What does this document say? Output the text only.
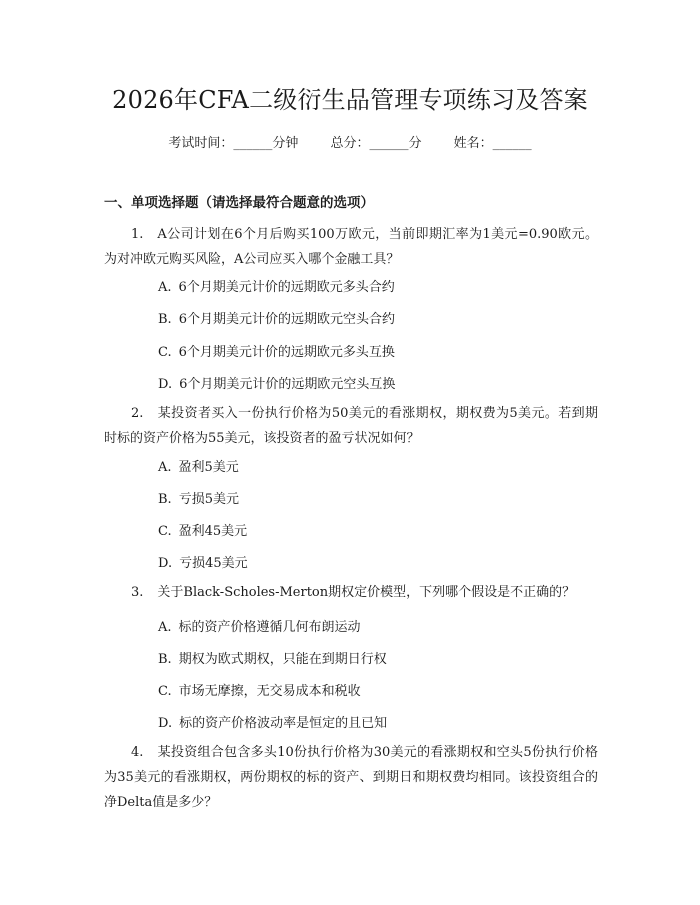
2026年CFA二级衍生品管理专项练习及答案
考试时间：______分钟 总分：______分 姓名：______
一、单项选择题（请选择最符合题意的选项）
1. A公司计划在6个月后购买100万欧元，当前即期汇率为1美元=0.90欧元。为对冲欧元购买风险，A公司应买入哪个金融工具？
A. 6个月期美元计价的远期欧元多头合约
B. 6个月期美元计价的远期欧元空头合约
C. 6个月期美元计价的远期欧元多头互换
D. 6个月期美元计价的远期欧元空头互换
2. 某投资者买入一份执行价格为50美元的看涨期权，期权费为5美元。若到期时标的资产价格为55美元，该投资者的盈亏状况如何？
A. 盈利5美元
B. 亏损5美元
C. 盈利45美元
D. 亏损45美元
3. 关于Black-Scholes-Merton期权定价模型，下列哪个假设是不正确的？
A. 标的资产价格遵循几何布朗运动
B. 期权为欧式期权，只能在到期日行权
C. 市场无摩擦，无交易成本和税收
D. 标的资产价格波动率是恒定的且已知
4. 某投资组合包含多头10份执行价格为30美元的看涨期权和空头5份执行价格为35美元的看涨期权，两份期权的标的资产、到期日和期权费均相同。该投资组合的净Delta值是多少？
